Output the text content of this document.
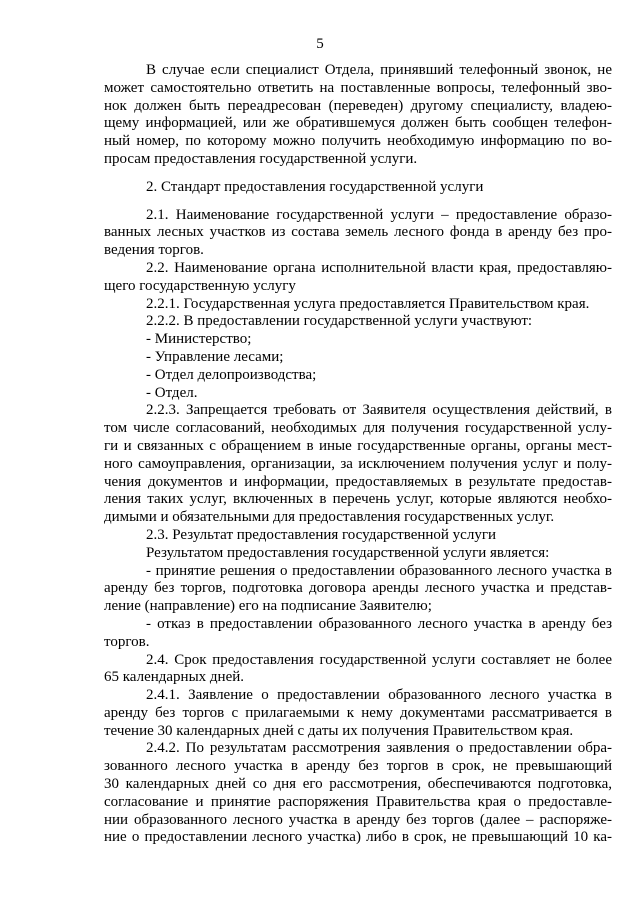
5
В случае если специалист Отдела, принявший телефонный звонок, не
может самостоятельно ответить на поставленные вопросы, телефонный зво-
нок должен быть переадресован (переведен) другому специалисту, владею-
щему информацией, или же обратившемуся должен быть сообщен телефон-
ный номер, по которому можно получить необходимую информацию по во-
просам предоставления государственной услуги.
2. Стандарт предоставления государственной услуги
2.1. Наименование государственной услуги – предоставление образо-
ванных лесных участков из состава земель лесного фонда в аренду без про-
ведения торгов.
2.2. Наименование органа исполнительной власти края, предоставляю-
щего государственную услугу
2.2.1. Государственная услуга предоставляется Правительством края.
2.2.2. В предоставлении государственной услуги участвуют:
- Министерство;
- Управление лесами;
- Отдел делопроизводства;
- Отдел.
2.2.3. Запрещается требовать от Заявителя осуществления действий, в
том числе согласований, необходимых для получения государственной услу-
ги и связанных с обращением в иные государственные органы, органы мест-
ного самоуправления, организации, за исключением получения услуг и полу-
чения документов и информации, предоставляемых в результате предостав-
ления таких услуг, включенных в перечень услуг, которые являются необхо-
димыми и обязательными для предоставления государственных услуг.
2.3. Результат предоставления государственной услуги
Результатом предоставления государственной услуги является:
- принятие решения о предоставлении образованного лесного участка в
аренду без торгов, подготовка договора аренды лесного участка и представ-
ление (направление) его на подписание Заявителю;
- отказ в предоставлении образованного лесного участка в аренду без
торгов.
2.4. Срок предоставления государственной услуги составляет не более
65 календарных дней.
2.4.1. Заявление о предоставлении образованного лесного участка в
аренду без торгов с прилагаемыми к нему документами рассматривается в
течение 30 календарных дней с даты их получения Правительством края.
2.4.2. По результатам рассмотрения заявления о предоставлении обра-
зованного лесного участка в аренду без торгов в срок, не превышающий
30 календарных дней со дня его рассмотрения, обеспечиваются подготовка,
согласование и принятие распоряжения Правительства края о предоставле-
нии образованного лесного участка в аренду без торгов (далее – распоряже-
ние о предоставлении лесного участка) либо в срок, не превышающий 10 ка-
